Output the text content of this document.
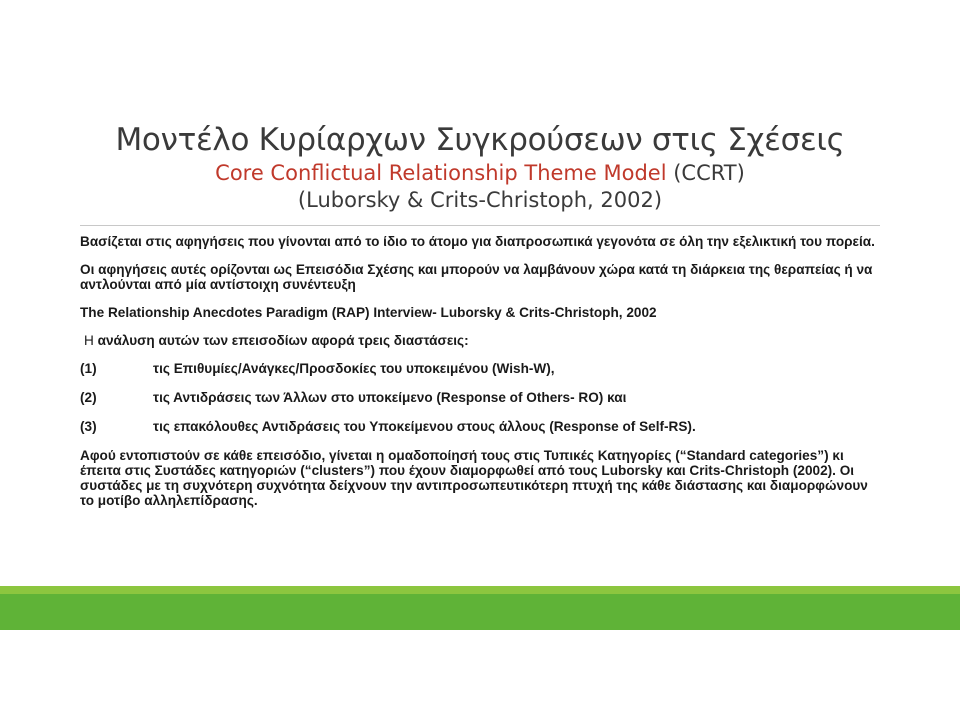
Μοντέλο Κυρίαρχων Συγκρούσεων στις Σχέσεις
Core Conflictual Relationship Theme Model (CCRT)
(Luborsky & Crits-Christoph, 2002)

Βασίζεται στις αφηγήσεις που γίνονται από το ίδιο το άτομο για διαπροσωπικά γεγονότα σε όλη την εξελικτική του πορεία.

Οι αφηγήσεις αυτές ορίζονται ως Επεισόδια Σχέσης και μπορούν να λαμβάνουν χώρα κατά τη διάρκεια της θεραπείας ή να αντλούνται από μία αντίστοιχη συνέντευξη

The Relationship Anecdotes Paradigm (RAP) Interview- Luborsky & Crits-Christoph, 2002

Η ανάλυση αυτών των επεισοδίων αφορά τρεις διαστάσεις:

(1)	τις Επιθυμίες/Ανάγκες/Προσδοκίες του υποκειμένου (Wish-W),
(2)	τις Αντιδράσεις των Άλλων στο υποκείμενο (Response of Others- RO) και
(3)	τις επακόλουθες Αντιδράσεις του Υποκείμενου στους άλλους (Response of Self-RS).

Αφού εντοπιστούν σε κάθε επεισόδιο, γίνεται η ομαδοποίησή τους στις Τυπικές Κατηγορίες (“Standard categories”) κι έπειτα στις Συστάδες κατηγοριών (“clusters”) που έχουν διαμορφωθεί από τους Luborsky και Crits-Christoph (2002). Οι συστάδες με τη συχνότερη συχνότητα δείχνουν την αντιπροσωπευτικότερη πτυχή της κάθε διάστασης και διαμορφώνουν το μοτίβο αλληλεπίδρασης.
